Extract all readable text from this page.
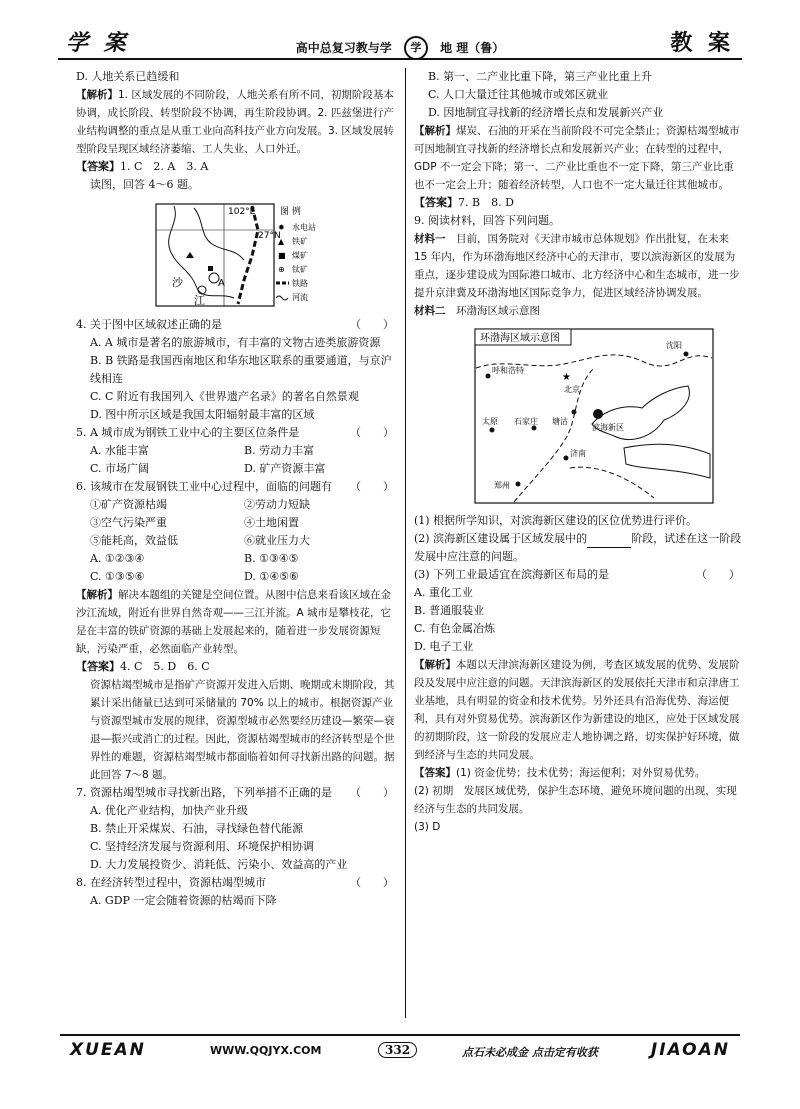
学 案	高中总复习教与学 学 地 理（鲁）	教 案

D. 人地关系已趋缓和

【解析】1. 区域发展的不同阶段，人地关系有所不同，初期阶段基本协调，成长阶段、转型阶段不协调，再生阶段协调。2. 匹兹堡进行产业结构调整的重点是从重工业向高科技产业方向发展。3. 区域发展转型阶段呈现区域经济萎缩、工人失业、人口外迁。

【答案】1. C　2. A　3. A

读图，回答 4～6 题。

102°E
27°N
沙
江
A
图 例
✹ 水电站
▲ 铁矿
■ 煤矿
⊕ 钛矿
铁路
河流

4. 关于图中区域叙述正确的是	（　　）

A. A 城市是著名的旅游城市，有丰富的文物古迹类旅游资源

B. B 铁路是我国西南地区和华东地区联系的重要通道，与京沪线相连

C. C 附近有我国列入《世界遗产名录》的著名自然景观

D. 图中所示区域是我国太阳辐射最丰富的区域

5. A 城市成为钢铁工业中心的主要区位条件是	（　　）

A. 水能丰富	B. 劳动力丰富

C. 市场广阔	D. 矿产资源丰富

6. 该城市在发展钢铁工业中心过程中，面临的问题有 （　　）

①矿产资源枯竭	②劳动力短缺

③空气污染严重	④土地闲置

⑤能耗高，效益低	⑥就业压力大

A. ①②③④	B. ①③④⑤

C. ①③⑤⑥	D. ①④⑤⑥

【解析】解决本题组的关键是空间位置。从图中信息来看该区域在金沙江流域，附近有世界自然奇观——三江并流。A 城市是攀枝花，它是在丰富的铁矿资源的基础上发展起来的，随着进一步发展资源短缺，污染严重，必然面临产业转型。

【答案】4. C　5. D　6. C

资源枯竭型城市是指矿产资源开发进入后期、晚期或末期阶段，其累计采出储量已达到可采储量的 70% 以上的城市。根据资源产业与资源型城市发展的规律，资源型城市必然要经历建设—繁荣—衰退—振兴或消亡的过程。因此，资源枯竭型城市的经济转型是个世界性的难题，资源枯竭型城市都面临着如何寻找新出路的问题。据此回答 7～8 题。

7. 资源枯竭型城市寻找新出路，下列举措不正确的是 （　　）

A. 优化产业结构，加快产业升级

B. 禁止开采煤炭、石油，寻找绿色替代能源

C. 坚持经济发展与资源利用、环境保护相协调

D. 大力发展投资少、消耗低、污染小、效益高的产业

8. 在经济转型过程中，资源枯竭型城市	（　　）

A. GDP 一定会随着资源的枯竭而下降

B. 第一、二产业比重下降，第三产业比重上升

C. 人口大量迁往其他城市或郊区就业

D. 因地制宜寻找新的经济增长点和发展新兴产业

【解析】煤炭、石油的开采在当前阶段不可完全禁止；资源枯竭型城市可因地制宜寻找新的经济增长点和发展新兴产业；在转型的过程中，GDP 不一定会下降；第一、二产业比重也不一定下降，第三产业比重也不一定会上升；随着经济转型，人口也不一定大量迁往其他城市。

【答案】7. B　8. D

9. 阅读材料，回答下列问题。

材料一　 目前，国务院对《天津市城市总体规划》作出批复，在未来 15 年内，作为环渤海地区经济中心的天津市，要以滨海新区的发展为重点，逐步建设成为国际港口城市、北方经济中心和生态城市，进一步提升京津冀及环渤海地区国际竞争力，促进区域经济协调发展。

材料二　 环渤海区域示意图

环渤海区域示意图
呼和浩特
★
北京
沈阳
太原 石家庄 塘沽
滨海新区
济南
郑州

(1) 根据所学知识，对滨海新区建设的区位优势进行评价。

(2) 滨海新区建设属于区域发展中的	阶段，试述在这一阶段发展中应注意的问题。

(3) 下列工业最适宜在滨海新区布局的是	（　　）

A. 重化工业

B. 普通服装业

C. 有色金属冶炼

D. 电子工业

【解析】本题以天津滨海新区建设为例，考查区域发展的优势、发展阶段及发展中应注意的问题。天津滨海新区的发展依托天津市和京津唐工业基地，具有明显的资金和技术优势。另外还具有沿海优势、海运便利，具有对外贸易优势。滨海新区作为新建设的地区，应处于区域发展的初期阶段，这一阶段的发展应走人地协调之路，切实保护好环境，做到经济与生态的共同发展。

【答案】(1) 资金优势；技术优势；海运便利；对外贸易优势。

(2) 初期　发展区域优势，保护生态环境，避免环境问题的出现，实现经济与生态的共同发展。

(3) D

XUEAN	WWW.QQJYX.COM	332	点石未必成金 点击定有收获	JIAOAN
